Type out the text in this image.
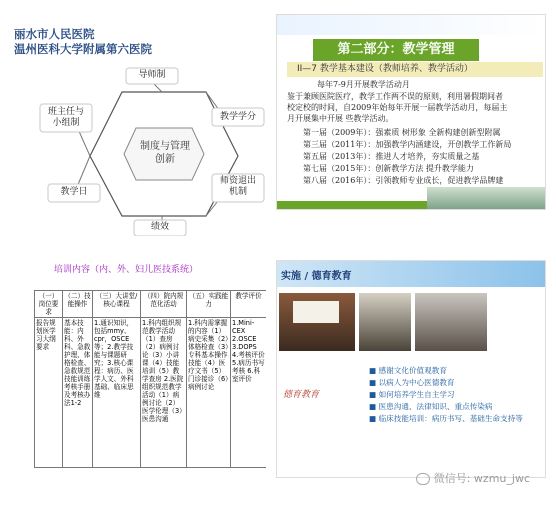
丽水市人民医院
温州医科大学附属第六医院
导师制
教学学分
师资退出
机制
绩效
教学日
班主任与
小组制
制度与管理
创新
第二部分：教学管理
II—7 教学基本建设（教师培养、教学活动）
每年7-9月开展教学活动月
鉴于兼顾医院医疗，教学工作两不误的原则，利用暑假期间者
校定校的时间，自2009年始每年开展一届教学活动月，每届主
月开展集中开展 些教学活动。
第一届（2009年）：强素质 树形象 全新构建创新型附属
第三届（2011年）：加强教学内涵建设，开创教学工作新局
第五届（2013年）：推进人才培养，夯实质量之基
第七届（2015年）：创新教学方法 提升教学能力
第八届（2016年）：引领教师专业成长，促进教学品牌建
培训内容（内、外、妇儿医技系统）
（一）岗位要求	（二）技能操作	（三）大讲堂/核心课程	（四）院内规范化活动	（五）实践能力	教学评价
报告规划医学习大纲要求	基本技能：内科、外科、急救护理、体格检查、急救规范技能训练考核手册及考核办法1-2	1.通识知识，包括mmy、cpr，OSCE等；2.教学技能与课题研究；3.核心课程：病历、医学人文、外科基础、临床思维	1.科内组织规范教学活动（1）查房（2）病例讨论（3）小讲课（4）技能培训（5）教学查房 2.医院组织规范教学活动（1）病例讨论（2）医学伦理（3）医患沟通	1.科内需掌握的内容（1）病史采集（2）体格检查（3）专科基本操作技能（4）医疗文书（5）门诊接诊（6）病例讨论	1.Mini-CEX 2.OSCE 3.DOPS 4.考核评价 5.病历书写考核 6.科室评价
实施 / 德育教育
德育教育
■ 感谢文化价值观教育
■ 以病人为中心医德教育
■ 如何培养学生自主学习
■ 医患沟通、法律知识、重点传染病
■ 临床技能培训：病历书写、基础生命支持等
微信号: wzmu_jwc
